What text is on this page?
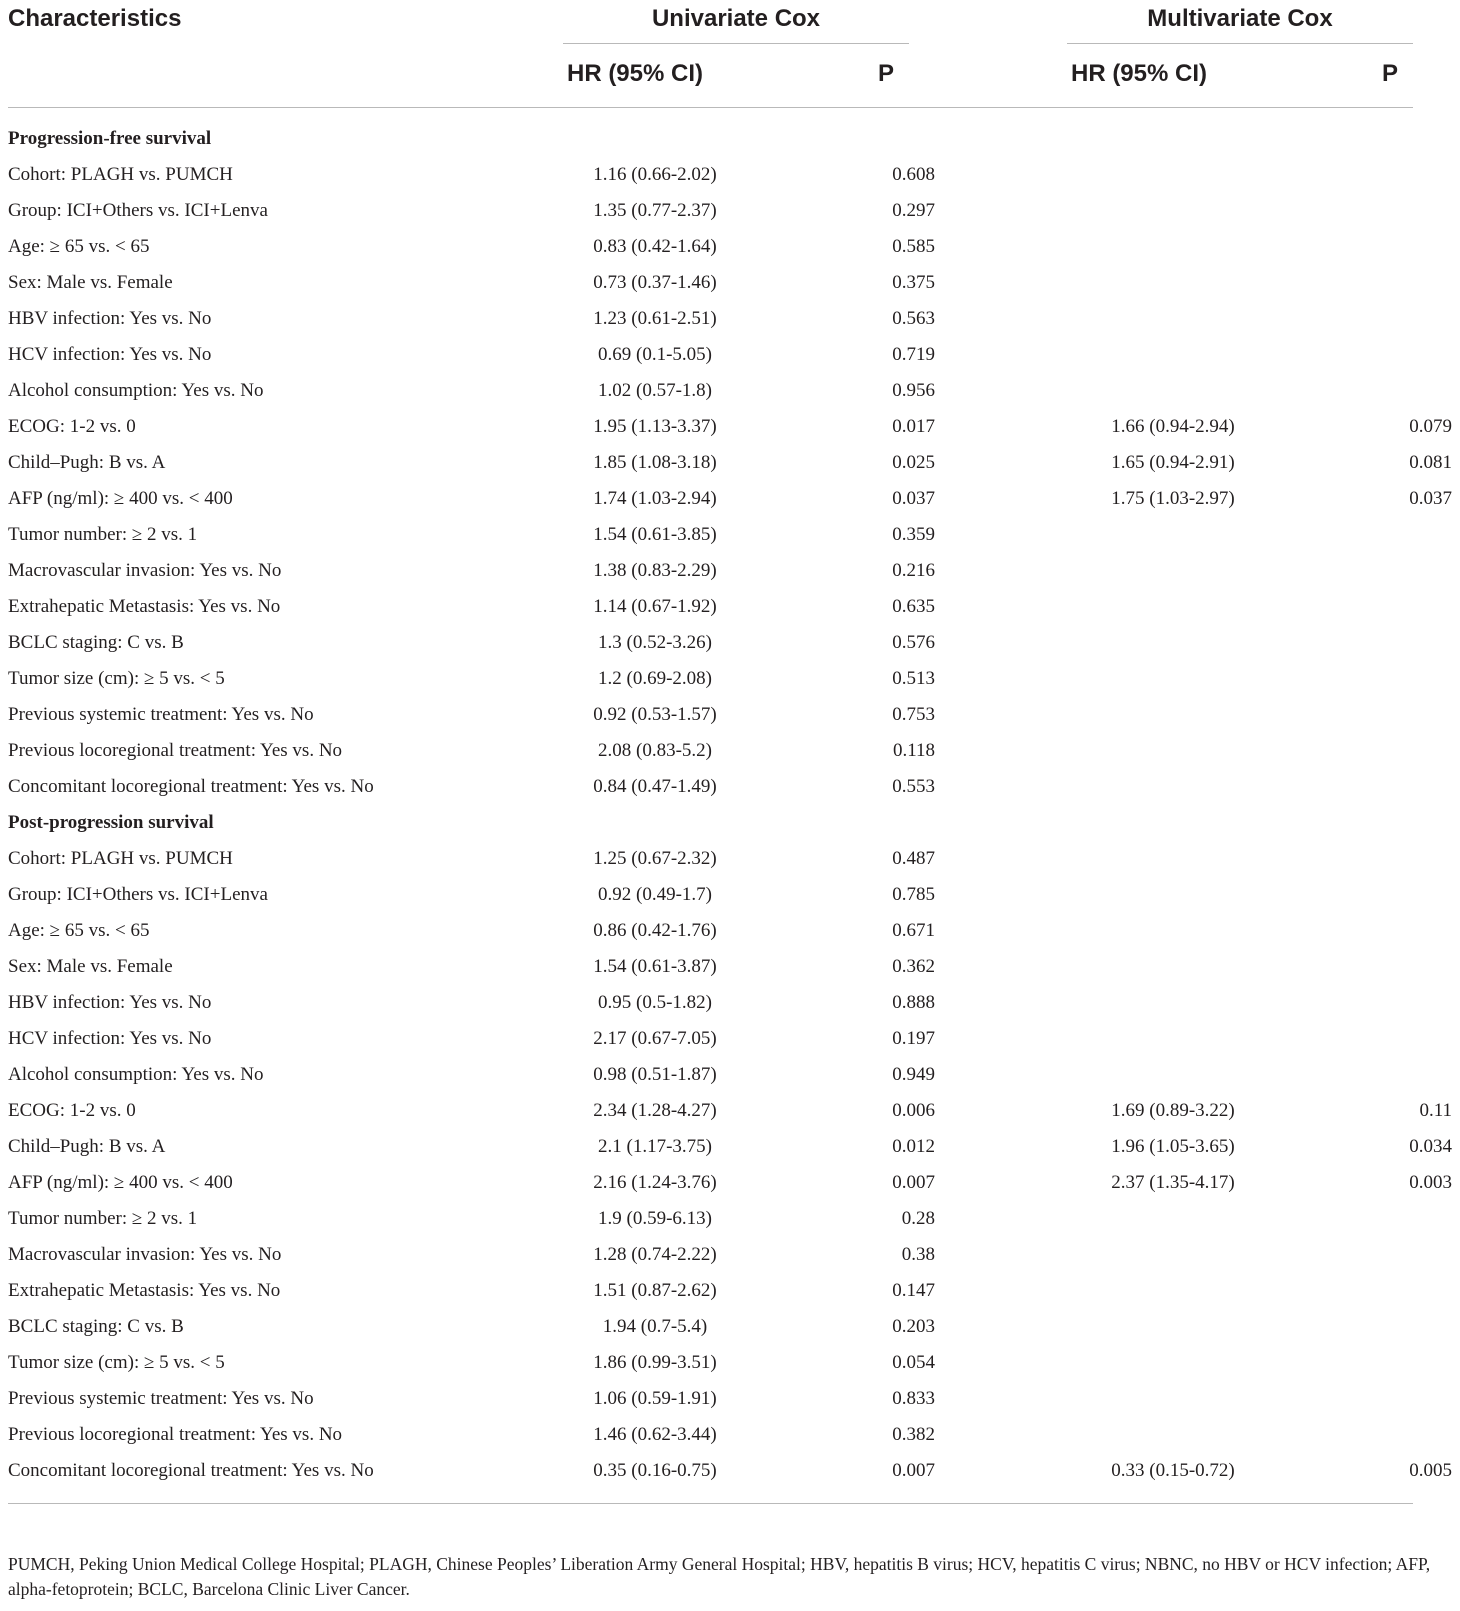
Characteristics	Univariate Cox	Multivariate Cox
HR (95% CI)	P	HR (95% CI)	P
Progression-free survival
Cohort: PLAGH vs. PUMCH	1.16 (0.66-2.02)	0.608
Group: ICI+Others vs. ICI+Lenva	1.35 (0.77-2.37)	0.297
Age: ≥ 65 vs. < 65	0.83 (0.42-1.64)	0.585
Sex: Male vs. Female	0.73 (0.37-1.46)	0.375
HBV infection: Yes vs. No	1.23 (0.61-2.51)	0.563
HCV infection: Yes vs. No	0.69 (0.1-5.05)	0.719
Alcohol consumption: Yes vs. No	1.02 (0.57-1.8)	0.956
ECOG: 1-2 vs. 0	1.95 (1.13-3.37)	0.017	1.66 (0.94-2.94)	0.079
Child–Pugh: B vs. A	1.85 (1.08-3.18)	0.025	1.65 (0.94-2.91)	0.081
AFP (ng/ml): ≥ 400 vs. < 400	1.74 (1.03-2.94)	0.037	1.75 (1.03-2.97)	0.037
Tumor number: ≥ 2 vs. 1	1.54 (0.61-3.85)	0.359
Macrovascular invasion: Yes vs. No	1.38 (0.83-2.29)	0.216
Extrahepatic Metastasis: Yes vs. No	1.14 (0.67-1.92)	0.635
BCLC staging: C vs. B	1.3 (0.52-3.26)	0.576
Tumor size (cm): ≥ 5 vs. < 5	1.2 (0.69-2.08)	0.513
Previous systemic treatment: Yes vs. No	0.92 (0.53-1.57)	0.753
Previous locoregional treatment: Yes vs. No	2.08 (0.83-5.2)	0.118
Concomitant locoregional treatment: Yes vs. No	0.84 (0.47-1.49)	0.553
Post-progression survival
Cohort: PLAGH vs. PUMCH	1.25 (0.67-2.32)	0.487
Group: ICI+Others vs. ICI+Lenva	0.92 (0.49-1.7)	0.785
Age: ≥ 65 vs. < 65	0.86 (0.42-1.76)	0.671
Sex: Male vs. Female	1.54 (0.61-3.87)	0.362
HBV infection: Yes vs. No	0.95 (0.5-1.82)	0.888
HCV infection: Yes vs. No	2.17 (0.67-7.05)	0.197
Alcohol consumption: Yes vs. No	0.98 (0.51-1.87)	0.949
ECOG: 1-2 vs. 0	2.34 (1.28-4.27)	0.006	1.69 (0.89-3.22)	0.11
Child–Pugh: B vs. A	2.1 (1.17-3.75)	0.012	1.96 (1.05-3.65)	0.034
AFP (ng/ml): ≥ 400 vs. < 400	2.16 (1.24-3.76)	0.007	2.37 (1.35-4.17)	0.003
Tumor number: ≥ 2 vs. 1	1.9 (0.59-6.13)	0.28
Macrovascular invasion: Yes vs. No	1.28 (0.74-2.22)	0.38
Extrahepatic Metastasis: Yes vs. No	1.51 (0.87-2.62)	0.147
BCLC staging: C vs. B	1.94 (0.7-5.4)	0.203
Tumor size (cm): ≥ 5 vs. < 5	1.86 (0.99-3.51)	0.054
Previous systemic treatment: Yes vs. No	1.06 (0.59-1.91)	0.833
Previous locoregional treatment: Yes vs. No	1.46 (0.62-3.44)	0.382
Concomitant locoregional treatment: Yes vs. No	0.35 (0.16-0.75)	0.007	0.33 (0.15-0.72)	0.005
PUMCH, Peking Union Medical College Hospital; PLAGH, Chinese Peoples’ Liberation Army General Hospital; HBV, hepatitis B virus; HCV, hepatitis C virus; NBNC, no HBV or HCV infection; AFP, alpha-fetoprotein; BCLC, Barcelona Clinic Liver Cancer.
